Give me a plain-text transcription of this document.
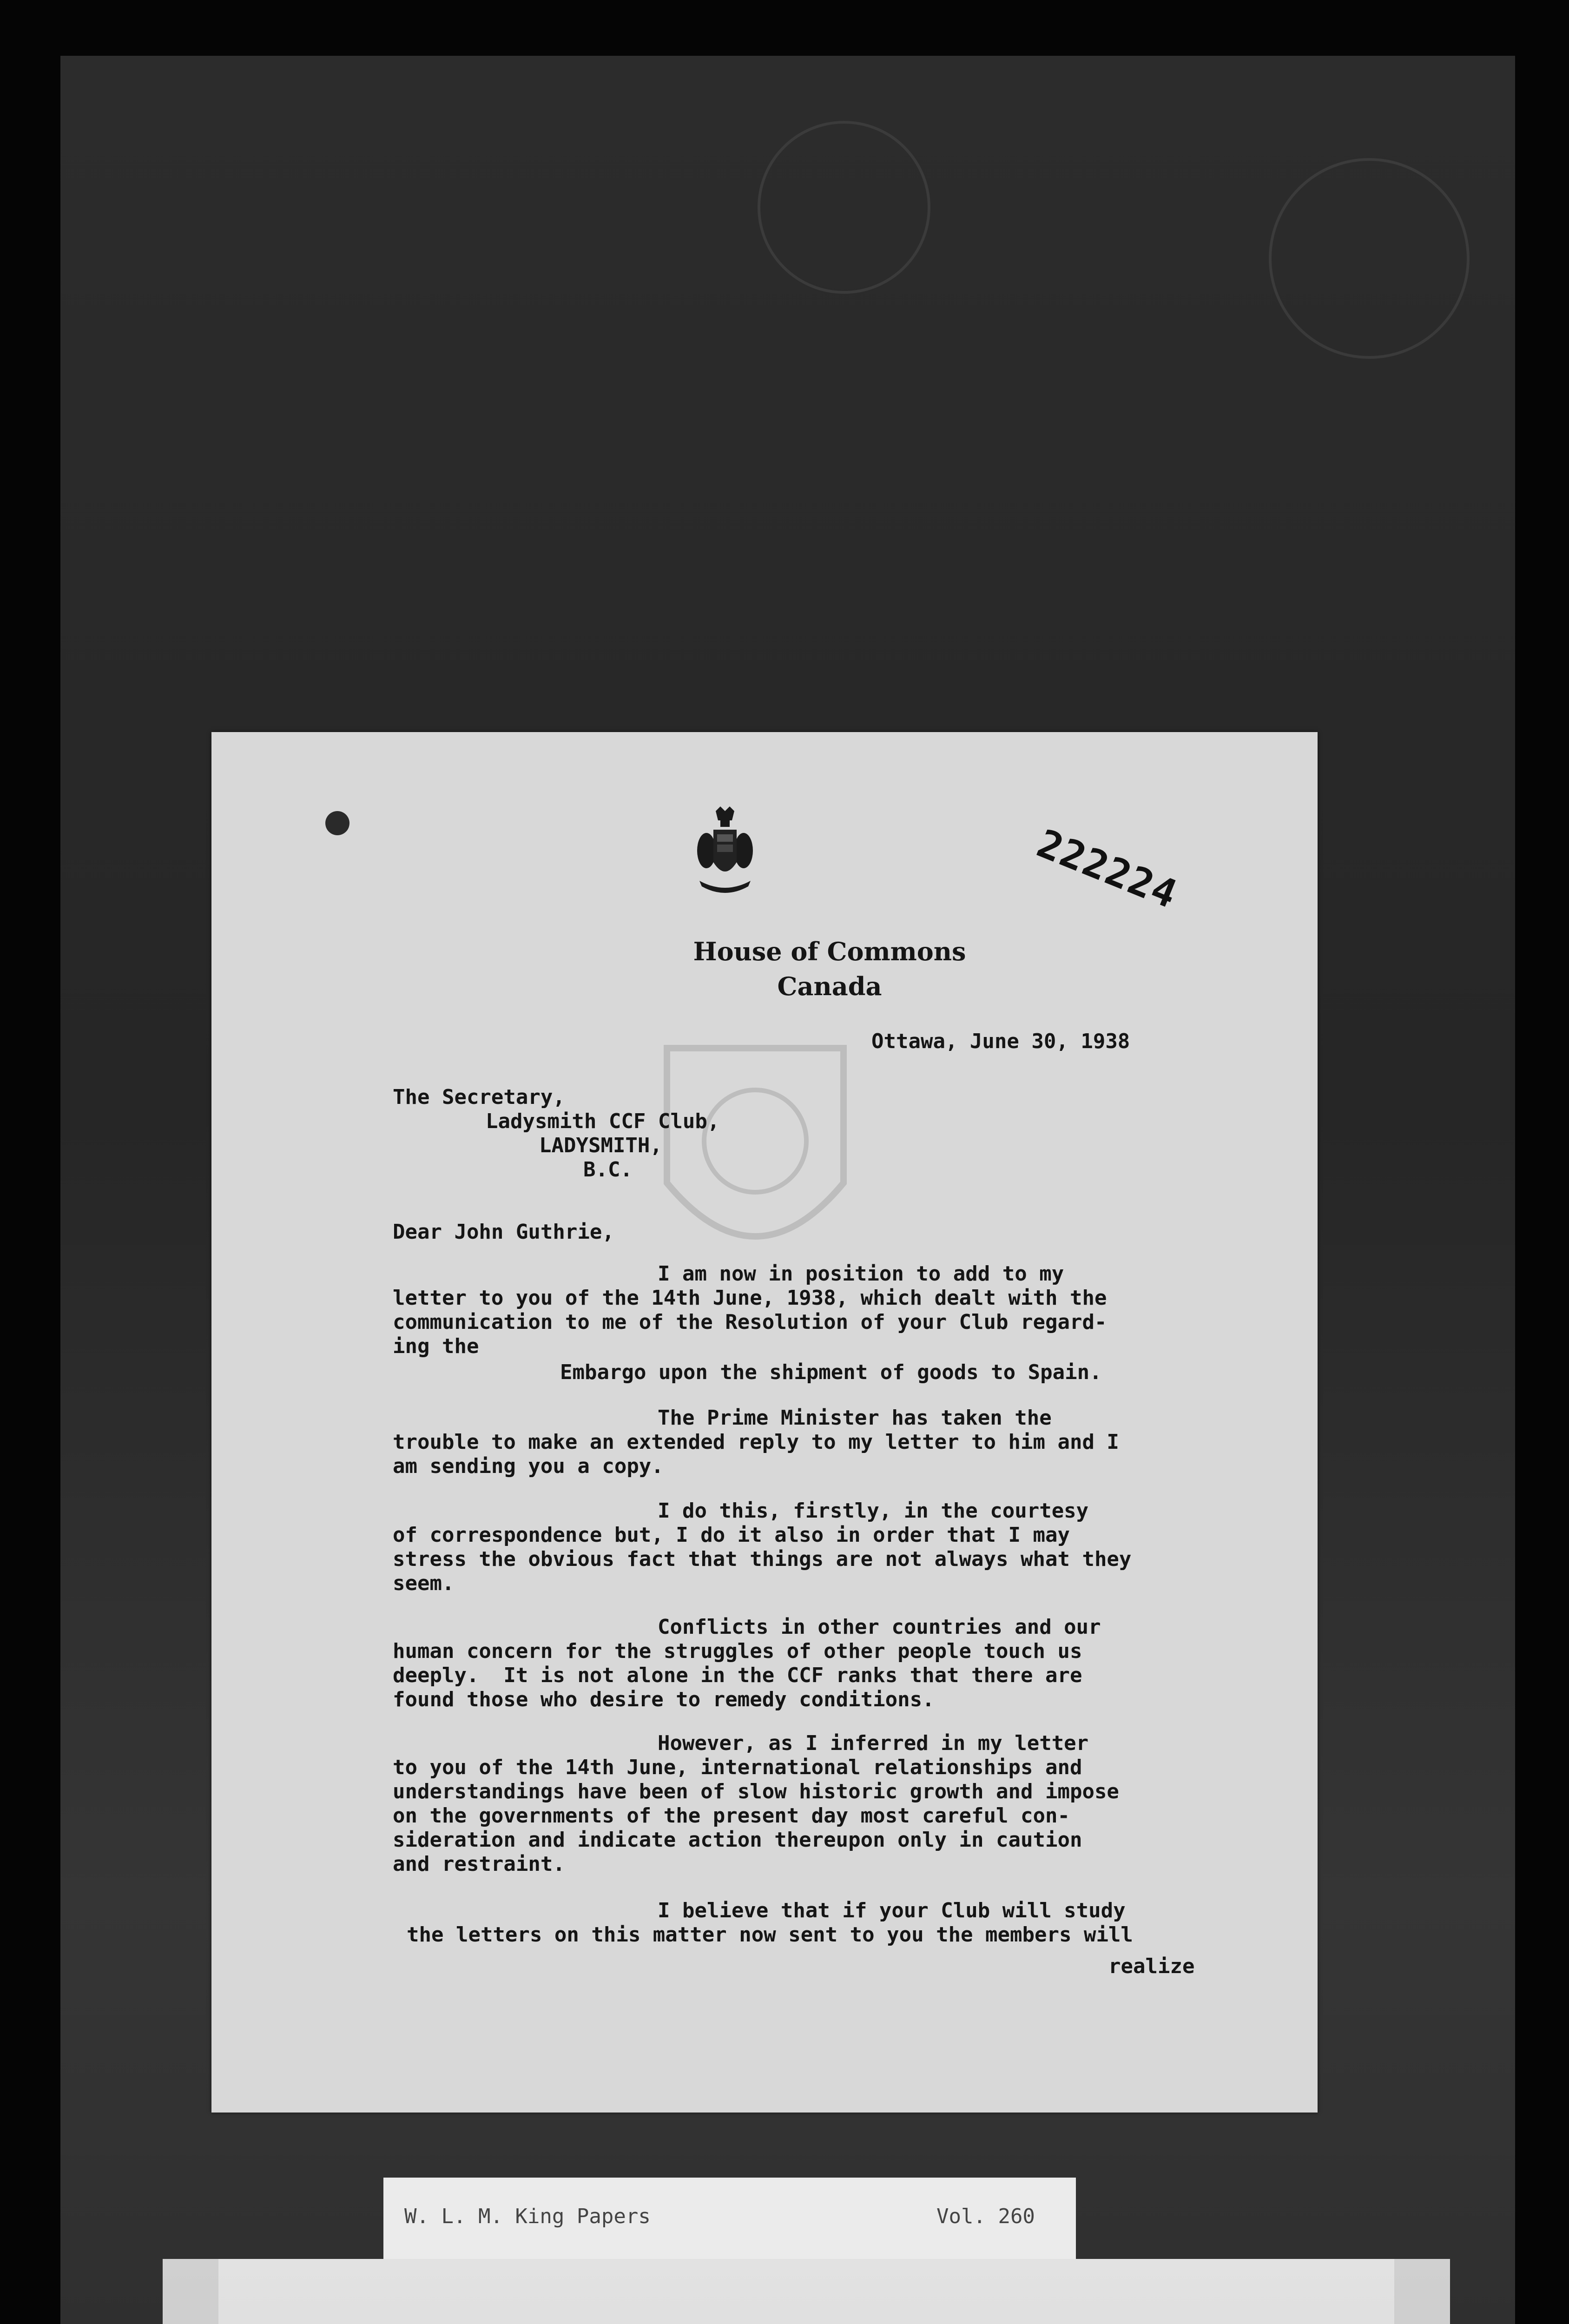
222224
House of Commons
Canada
Ottawa, June 30, 1938
The Secretary,
Ladysmith CCF Club,
LADYSMITH,
B.C.
Dear John Guthrie,
I am now in position to add to my
letter to you of the 14th June, 1938, which dealt with the
communication to me of the Resolution of your Club regard-
ing the
Embargo upon the shipment of goods to Spain.
The Prime Minister has taken the
trouble to make an extended reply to my letter to him and I
am sending you a copy.
I do this, firstly, in the courtesy
of correspondence but, I do it also in order that I may
stress the obvious fact that things are not always what they
seem.
Conflicts in other countries and our
human concern for the struggles of other people touch us
deeply.  It is not alone in the CCF ranks that there are
found those who desire to remedy conditions.
However, as I inferred in my letter
to you of the 14th June, international relationships and
understandings have been of slow historic growth and impose
on the governments of the present day most careful con-
sideration and indicate action thereupon only in caution
and restraint.
I believe that if your Club will study
the letters on this matter now sent to you the members will
realize
W. L. M. King Papers	Vol. 260
